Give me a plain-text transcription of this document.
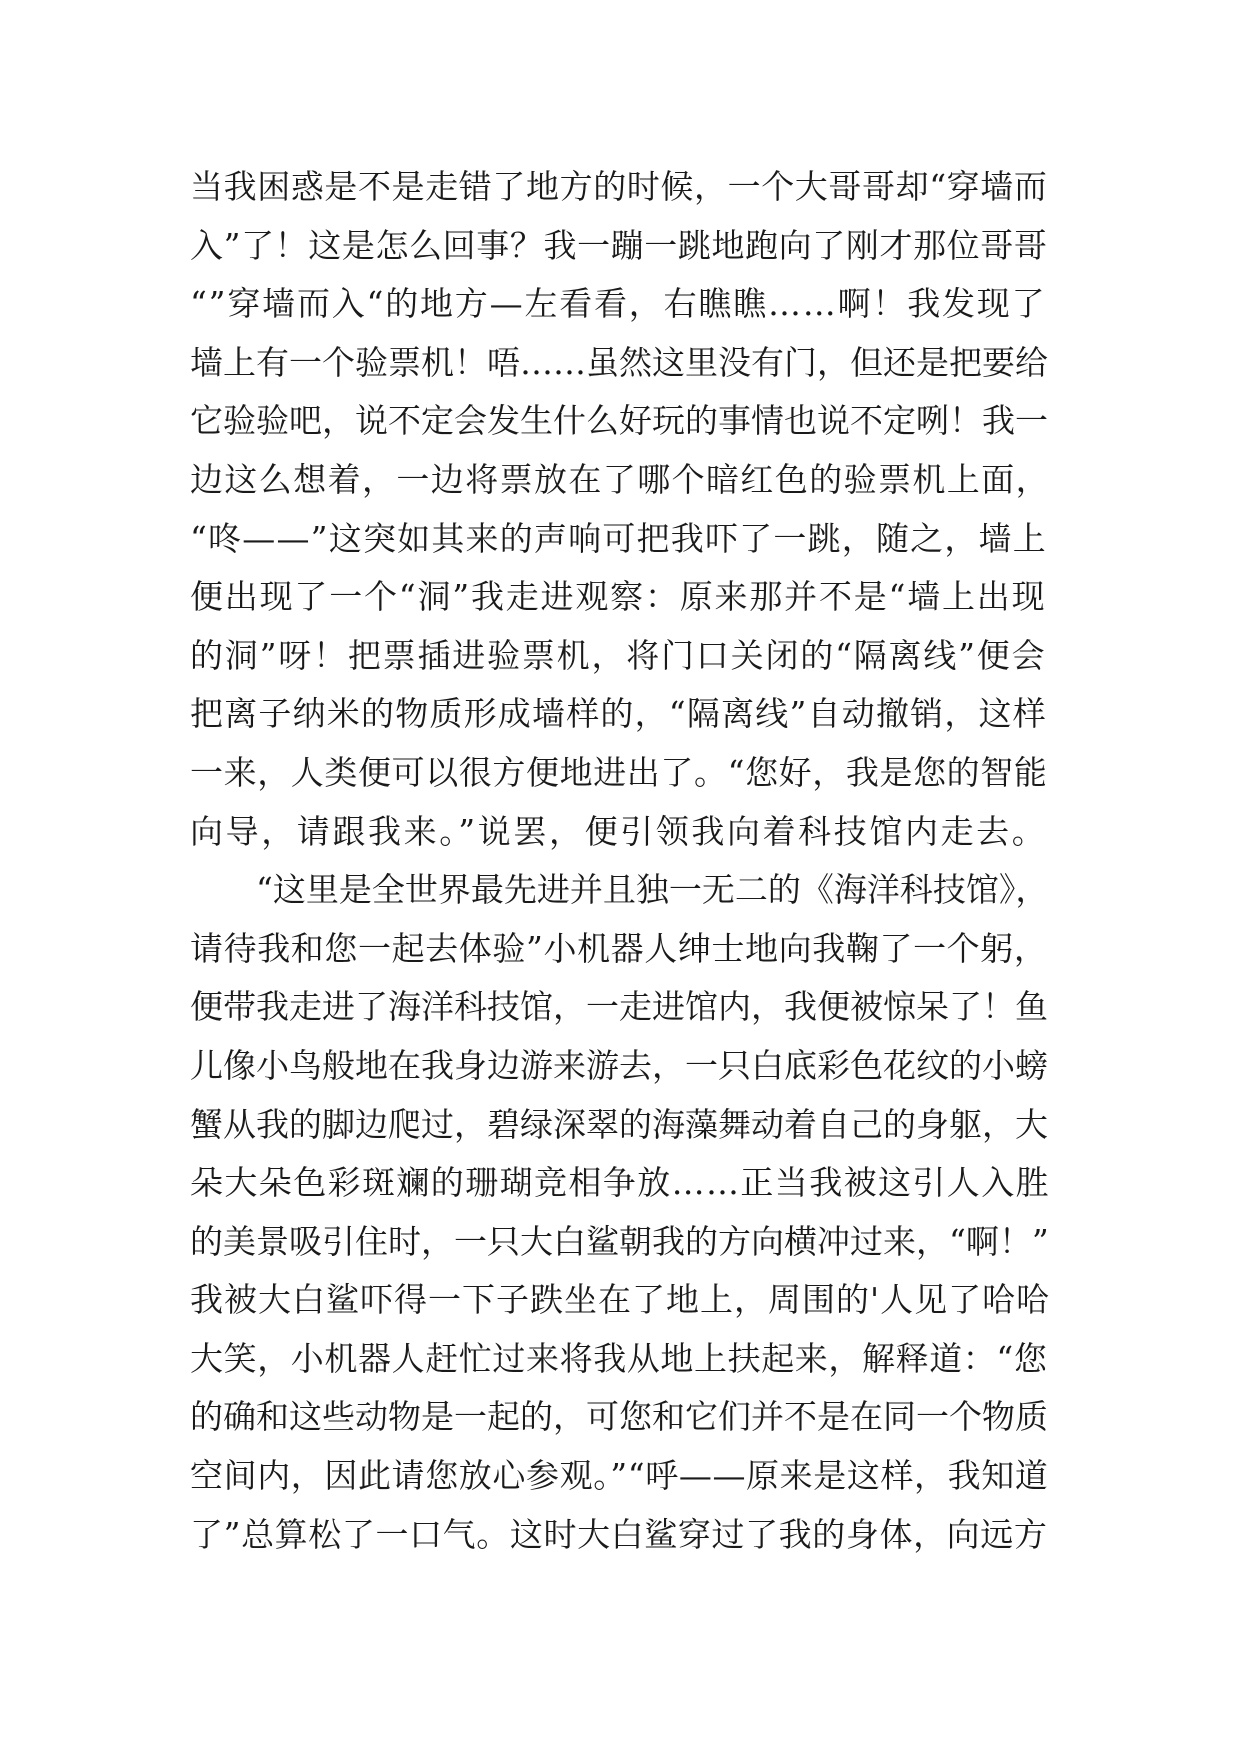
当我困惑是不是走错了地方的时候，一个大哥哥却“穿墙而
入”了！这是怎么回事？我一蹦一跳地跑向了刚才那位哥哥
“”穿墙而入“的地方—左看看，右瞧瞧……啊！我发现了
墙上有一个验票机！唔……虽然这里没有门，但还是把要给
它验验吧，说不定会发生什么好玩的事情也说不定咧！我一
边这么想着，一边将票放在了哪个暗红色的验票机上面，
“咚——”这突如其来的声响可把我吓了一跳，随之，墙上
便出现了一个“洞”我走进观察：原来那并不是“墙上出现
的洞”呀！把票插进验票机，将门口关闭的“隔离线”便会
把离子纳米的物质形成墙样的，“隔离线”自动撤销，这样
一来，人类便可以很方便地进出了。“您好，我是您的智能
向导，请跟我来。”说罢，便引领我向着科技馆内走去。
“这里是全世界最先进并且独一无二的《海洋科技馆》，
请待我和您一起去体验”小机器人绅士地向我鞠了一个躬，
便带我走进了海洋科技馆，一走进馆内，我便被惊呆了！鱼
儿像小鸟般地在我身边游来游去，一只白底彩色花纹的小螃
蟹从我的脚边爬过，碧绿深翠的海藻舞动着自己的身躯，大
朵大朵色彩斑斓的珊瑚竞相争放……正当我被这引人入胜
的美景吸引住时，一只大白鲨朝我的方向横冲过来，“啊！”
我被大白鲨吓得一下子跌坐在了地上，周围的'人见了哈哈
大笑，小机器人赶忙过来将我从地上扶起来，解释道：“您
的确和这些动物是一起的，可您和它们并不是在同一个物质
空间内，因此请您放心参观。”“呼——原来是这样，我知道
了”总算松了一口气。这时大白鲨穿过了我的身体，向远方
